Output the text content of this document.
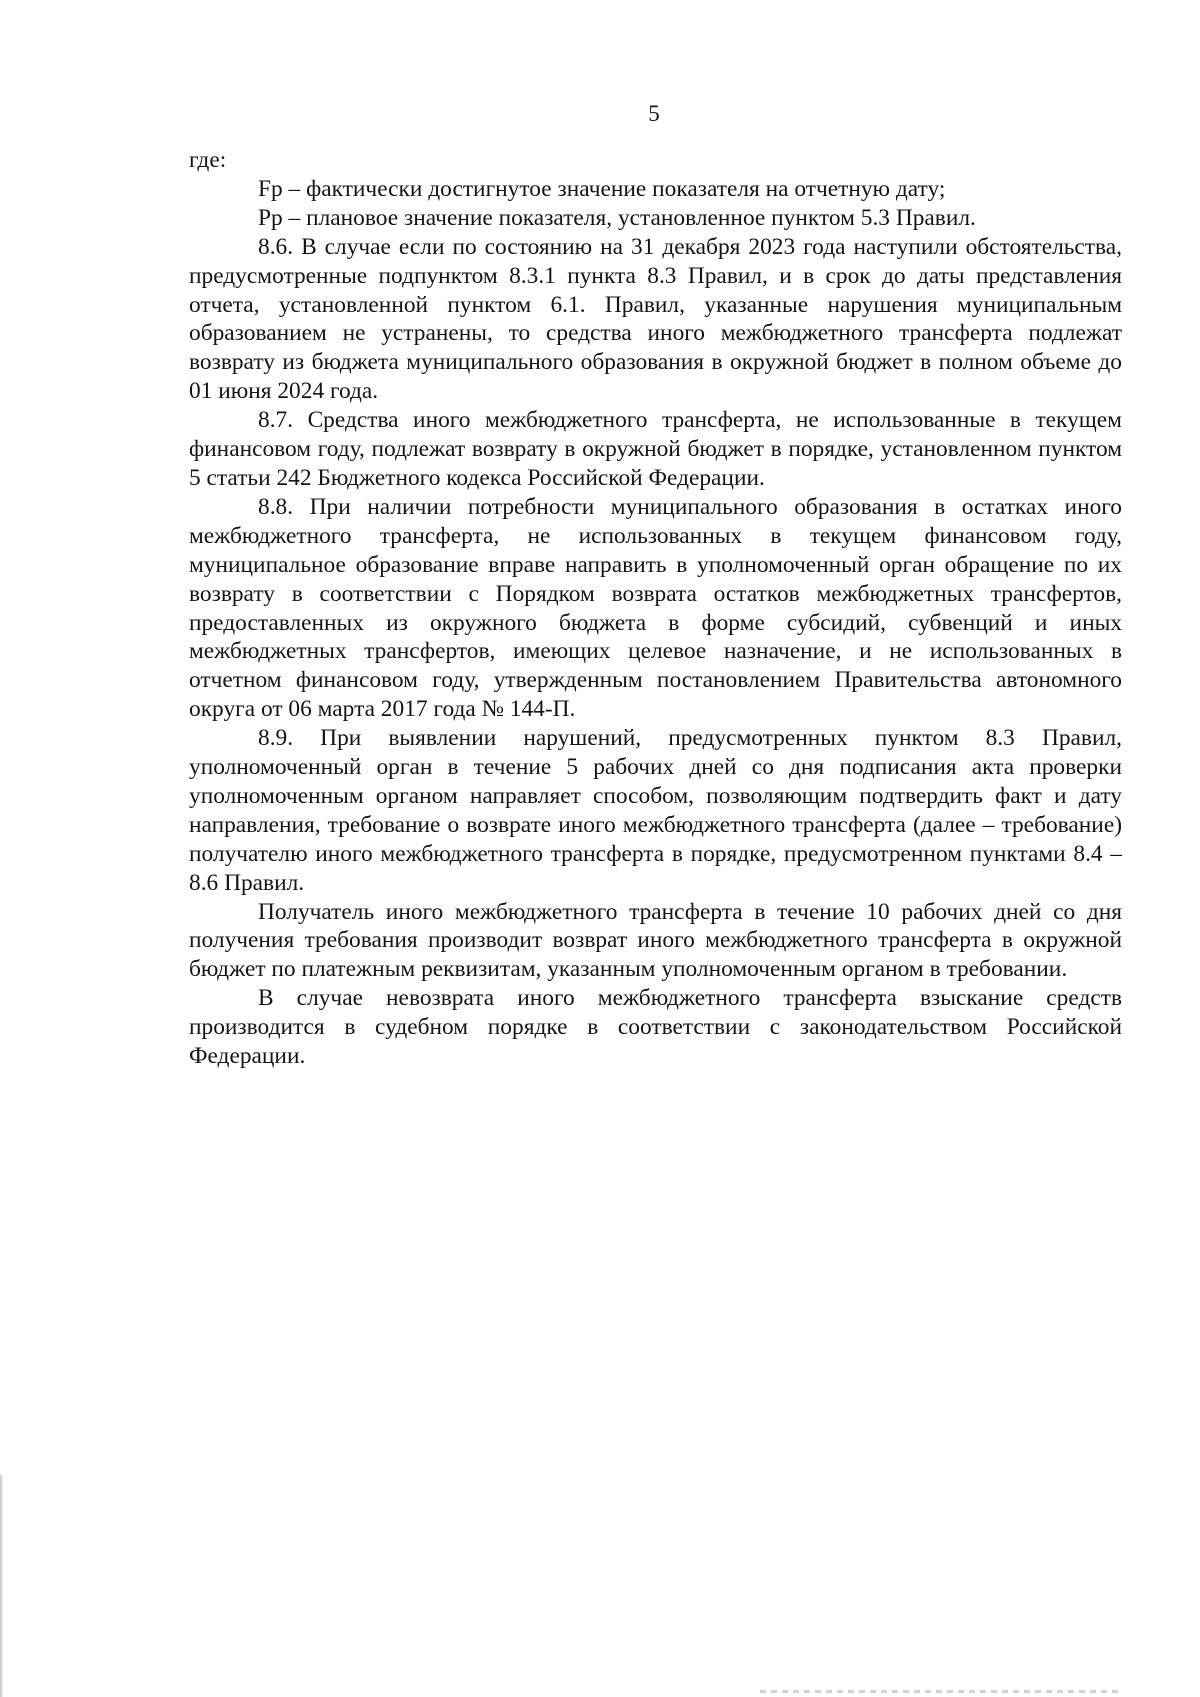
5

где:

Fр – фактически достигнутое значение показателя на отчетную дату;

Pр – плановое значение показателя, установленное пунктом 5.3 Правил.

8.6. В случае если по состоянию на 31 декабря 2023 года наступили обстоятельства, предусмотренные подпунктом 8.3.1 пункта 8.3 Правил, и в срок до даты представления отчета, установленной пунктом 6.1. Правил, указанные нарушения муниципальным образованием не устранены, то средства иного межбюджетного трансферта подлежат возврату из бюджета муниципального образования в окружной бюджет в полном объеме до 01 июня 2024 года.

8.7. Средства иного межбюджетного трансферта, не использованные в текущем финансовом году, подлежат возврату в окружной бюджет в порядке, установленном пунктом 5 статьи 242 Бюджетного кодекса Российской Федерации.

8.8. При наличии потребности муниципального образования в остатках иного межбюджетного трансферта, не использованных в текущем финансовом году, муниципальное образование вправе направить в уполномоченный орган обращение по их возврату в соответствии с Порядком возврата остатков межбюджетных трансфертов, предоставленных из окружного бюджета в форме субсидий, субвенций и иных межбюджетных трансфертов, имеющих целевое назначение, и не использованных в отчетном финансовом году, утвержденным постановлением Правительства автономного округа от 06 марта 2017 года № 144-П.

8.9. При выявлении нарушений, предусмотренных пунктом 8.3 Правил, уполномоченный орган в течение 5 рабочих дней со дня подписания акта проверки уполномоченным органом направляет способом, позволяющим подтвердить факт и дату направления, требование о возврате иного межбюджетного трансферта (далее – требование) получателю иного межбюджетного трансферта в порядке, предусмотренном пунктами 8.4 – 8.6 Правил.

Получатель иного межбюджетного трансферта в течение 10 рабочих дней со дня получения требования производит возврат иного межбюджетного трансферта в окружной бюджет по платежным реквизитам, указанным уполномоченным органом в требовании.

В случае невозврата иного межбюджетного трансферта взыскание средств производится в судебном порядке в соответствии с законодательством Российской Федерации.
